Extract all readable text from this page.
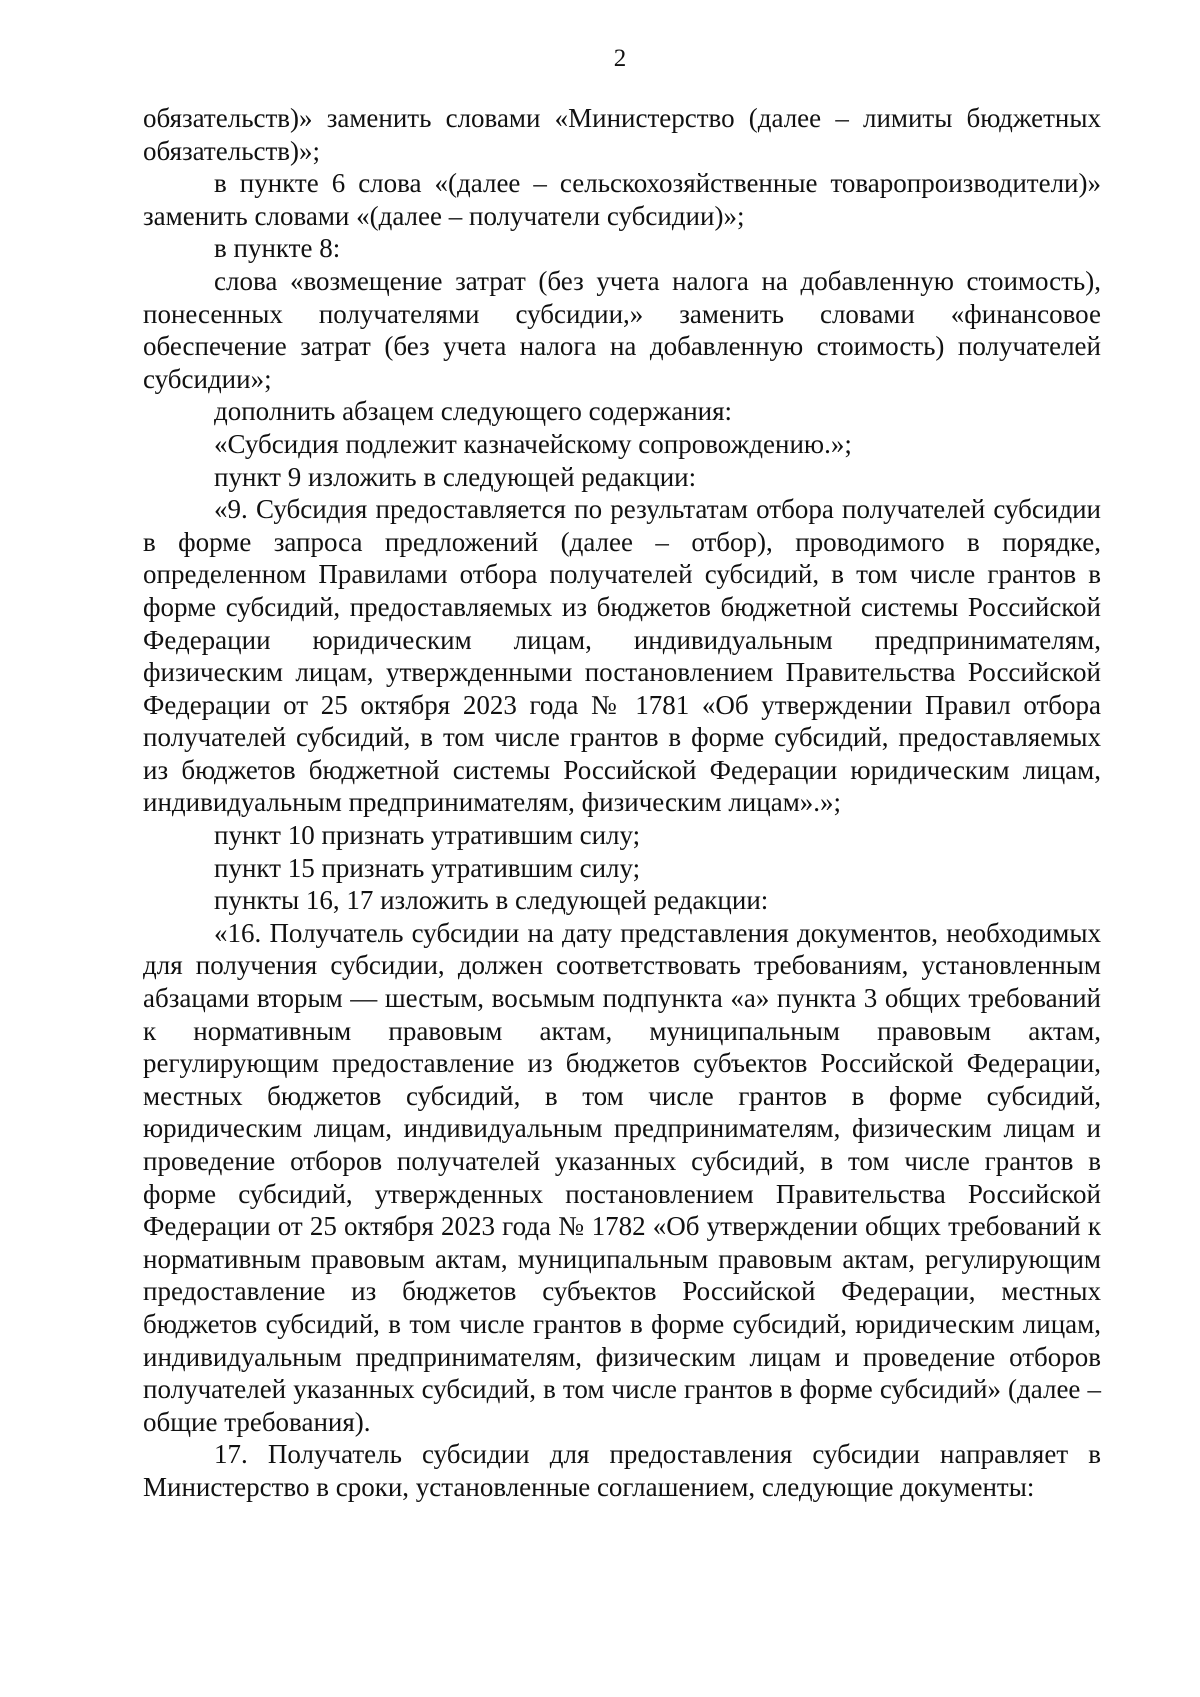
2

обязательств)» заменить словами «Министерство (далее – лимиты бюджетных обязательств)»;

в пункте 6 слова «(далее – сельскохозяйственные товаропроизводители)» заменить словами «(далее – получатели субсидии)»;

в пункте 8:

слова «возмещение затрат (без учета налога на добавленную стоимость), понесенных получателями субсидии,» заменить словами «финансовое обеспечение затрат (без учета налога на добавленную стоимость) получателей субсидии»;

дополнить абзацем следующего содержания:

«Субсидия подлежит казначейскому сопровождению.»;

пункт 9 изложить в следующей редакции:

«9. Субсидия предоставляется по результатам отбора получателей субсидии в форме запроса предложений (далее – отбор), проводимого в порядке, определенном Правилами отбора получателей субсидий, в том числе грантов в форме субсидий, предоставляемых из бюджетов бюджетной системы Российской Федерации юридическим лицам, индивидуальным предпринимателям, физическим лицам, утвержденными постановлением Правительства Российской Федерации от 25 октября 2023 года № 1781 «Об утверждении Правил отбора получателей субсидий, в том числе грантов в форме субсидий, предоставляемых из бюджетов бюджетной системы Российской Федерации юридическим лицам, индивидуальным предпринимателям, физическим лицам».»;

пункт 10 признать утратившим силу;

пункт 15 признать утратившим силу;

пункты 16, 17 изложить в следующей редакции:

«16. Получатель субсидии на дату представления документов, необходимых для получения субсидии, должен соответствовать требованиям, установленным абзацами вторым — шестым, восьмым подпункта «а» пункта 3 общих требований к нормативным правовым актам, муниципальным правовым актам, регулирующим предоставление из бюджетов субъектов Российской Федерации, местных бюджетов субсидий, в том числе грантов в форме субсидий, юридическим лицам, индивидуальным предпринимателям, физическим лицам и проведение отборов получателей указанных субсидий, в том числе грантов в форме субсидий, утвержденных постановлением Правительства Российской Федерации от 25 октября 2023 года № 1782 «Об утверждении общих требований к нормативным правовым актам, муниципальным правовым актам, регулирующим предоставление из бюджетов субъектов Российской Федерации, местных бюджетов субсидий, в том числе грантов в форме субсидий, юридическим лицам, индивидуальным предпринимателям, физическим лицам и проведение отборов получателей указанных субсидий, в том числе грантов в форме субсидий» (далее – общие требования).

17. Получатель субсидии для предоставления субсидии направляет в Министерство в сроки, установленные соглашением, следующие документы:
